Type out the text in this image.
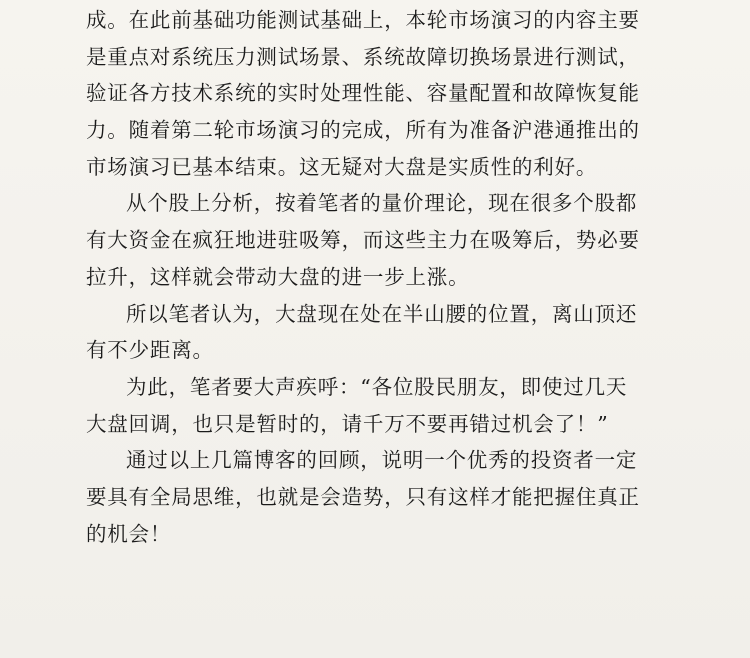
成。在此前基础功能测试基础上，本轮市场演习的内容主要
是重点对系统压力测试场景、系统故障切换场景进行测试，
验证各方技术系统的实时处理性能、容量配置和故障恢复能
力。随着第二轮市场演习的完成，所有为准备沪港通推出的
市场演习已基本结束。这无疑对大盘是实质性的利好。
从个股上分析，按着笔者的量价理论，现在很多个股都
有大资金在疯狂地进驻吸筹，而这些主力在吸筹后，势必要
拉升，这样就会带动大盘的进一步上涨。
所以笔者认为，大盘现在处在半山腰的位置，离山顶还
有不少距离。
为此，笔者要大声疾呼：“各位股民朋友，即使过几天
大盘回调，也只是暂时的，请千万不要再错过机会了！”
通过以上几篇博客的回顾，说明一个优秀的投资者一定
要具有全局思维，也就是会造势，只有这样才能把握住真正
的机会！
